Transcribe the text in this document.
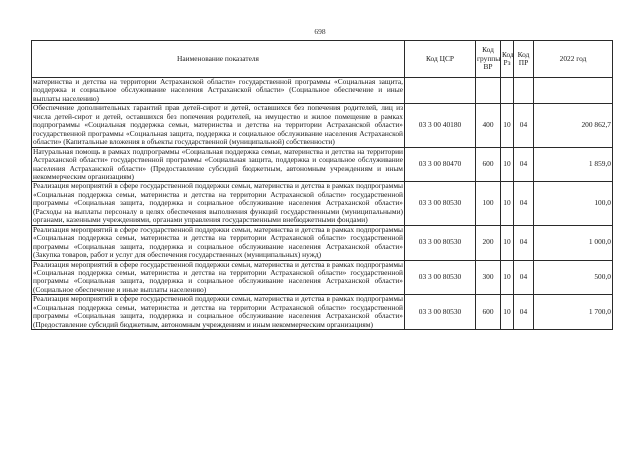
698
Наименование показателя	Код ЦСР	Код группы ВР	Код Рз	Код ПР	2022 год
материнства и детства на территории Астраханской области» государственной программы «Социальная защита, поддержка и социальное обслуживание населения Астраханской области» (Социальное обеспечение и иные выплаты населению)					
Обеспечение дополнительных гарантий прав детей-сирот и детей, оставшихся без попечения родителей, лиц из числа детей-сирот и детей, оставшихся без попечения родителей, на имущество и жилое помещение в рамках подпрограммы «Социальная поддержка семьи, материнства и детства на территории Астраханской области» государственной программы «Социальная защита, поддержка и социальное обслуживание населения Астраханской области» (Капитальные вложения в объекты государственной (муниципальной) собственности)	03 3 00 40180	400	10	04	200 862,7
Натуральная помощь в рамках подпрограммы «Социальная поддержка семьи, материнства и детства на территории Астраханской области» государственной программы «Социальная защита, поддержка и социальное обслуживание населения Астраханской области» (Предоставление субсидий бюджетным, автономным учреждениям и иным некоммерческим организациям)	03 3 00 80470	600	10	04	1 859,0
Реализация мероприятий в сфере государственной поддержки семьи, материнства и детства в рамках подпрограммы «Социальная поддержка семьи, материнства и детства на территории Астраханской области» государственной программы «Социальная защита, поддержка и социальное обслуживание населения Астраханской области» (Расходы на выплаты персоналу в целях обеспечения выполнения функций государственными (муниципальными) органами, казенными учреждениями, органами управления государственными внебюджетными фондами)	03 3 00 80530	100	10	04	100,0
Реализация мероприятий в сфере государственной поддержки семьи, материнства и детства в рамках подпрограммы «Социальная поддержка семьи, материнства и детства на территории Астраханской области» государственной программы «Социальная защита, поддержка и социальное обслуживание населения Астраханской области» (Закупка товаров, работ и услуг для обеспечения государственных (муниципальных) нужд)	03 3 00 80530	200	10	04	1 000,0
Реализация мероприятий в сфере государственной поддержки семьи, материнства и детства в рамках подпрограммы «Социальная поддержка семьи, материнства и детства на территории Астраханской области» государственной программы «Социальная защита, поддержка и социальное обслуживание населения Астраханской области» (Социальное обеспечение и иные выплаты населению)	03 3 00 80530	300	10	04	500,0
Реализация мероприятий в сфере государственной поддержки семьи, материнства и детства в рамках подпрограммы «Социальная поддержка семьи, материнства и детства на территории Астраханской области» государственной программы «Социальная защита, поддержка и социальное обслуживание населения Астраханской области» (Предоставление субсидий бюджетным, автономным учреждениям и иным некоммерческим организациям)	03 3 00 80530	600	10	04	1 700,0
